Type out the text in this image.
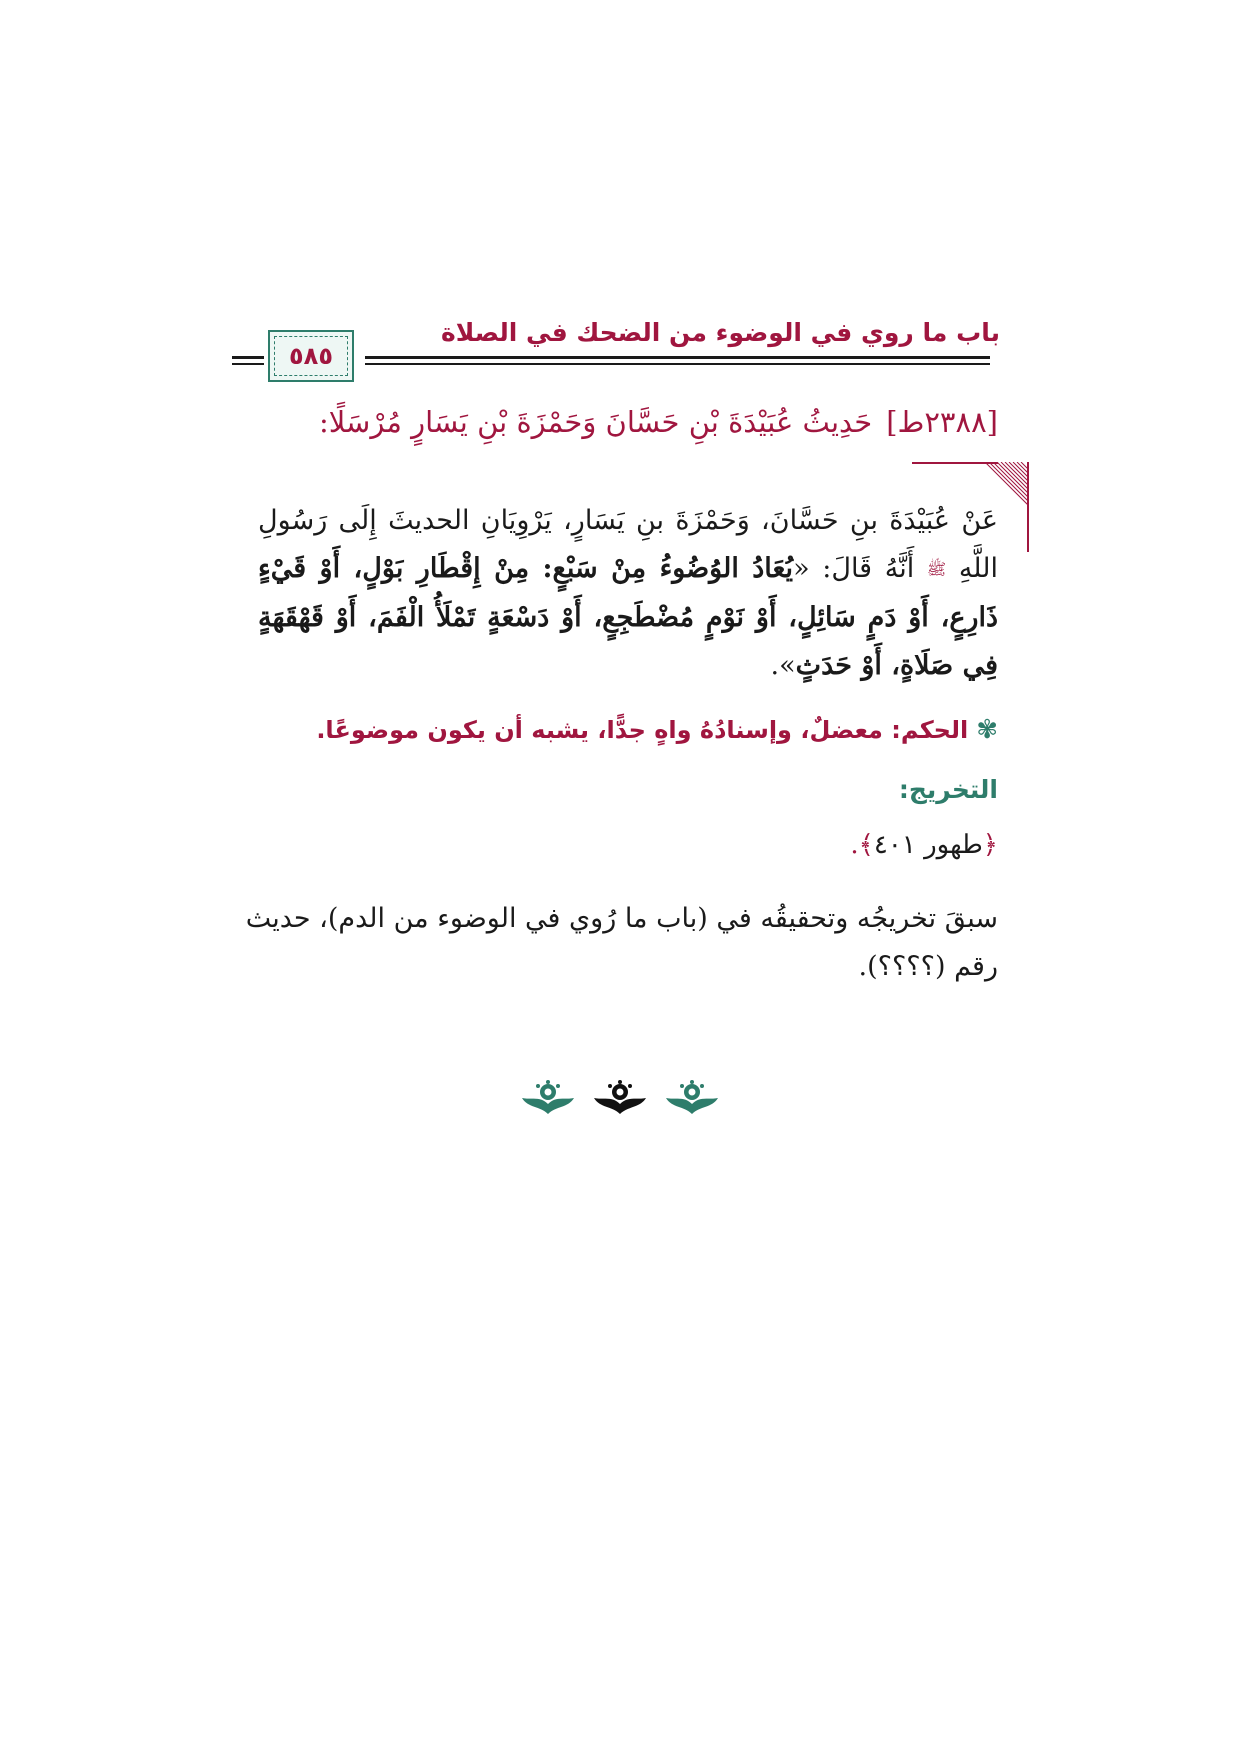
باب ما روي في الوضوء من الضحك في الصلاة
٥٨٥
[٢٣٨٨ط]حَدِيثُ عُبَيْدَةَ بْنِ حَسَّانَ وَحَمْزَةَ بْنِ يَسَارٍ مُرْسَلًا:
عَنْ عُبَيْدَةَ بنِ حَسَّانَ، وَحَمْزَةَ بنِ يَسَارٍ، يَرْوِيَانِ الحديثَ إِلَى رَسُولِ اللَّهِ ﷺ أَنَّهُ قَالَ: «يُعَادُ الوُضُوءُ مِنْ سَبْعٍ: مِنْ إِقْطَارِ بَوْلٍ، أَوْ قَيْءٍ ذَارِعٍ، أَوْ دَمٍ سَائِلٍ، أَوْ نَوْمٍ مُضْطَجِعٍ، أَوْ دَسْعَةٍ تَمْلَأُ الْفَمَ، أَوْ قَهْقَهَةٍ فِي صَلَاةٍ، أَوْ حَدَثٍ».
✾الحكم: معضلٌ، وإسنادُهُ واهٍ جدًّا، يشبه أن يكون موضوعًا.
التخريج:
﴿طهور ٤٠١﴾.
سبقَ تخريجُه وتحقيقُه في (باب ما رُوي في الوضوء من الدم)، حديث رقم (؟؟؟؟).
